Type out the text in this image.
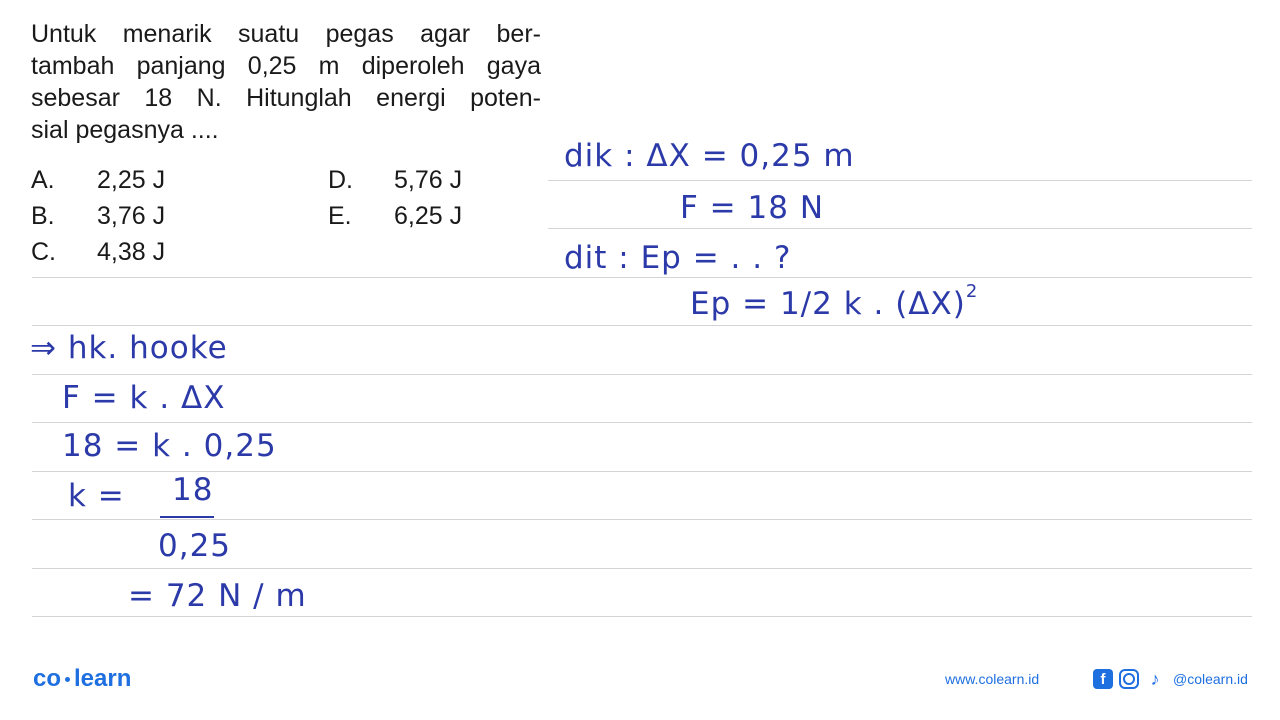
Untuk menarik suatu pegas agar ber-
tambah panjang 0,25 m diperoleh gaya
sebesar 18 N. Hitunglah energi poten-
sial pegasnya ....
A. 2,25 J
B. 3,76 J
C. 4,38 J
D. 5,76 J
E. 6,25 J
dik : ΔX = 0,25 m
F = 18 N
dit : Ep = . . ?
Ep = 1/2 k . $(\Delta X)^2$
⇒ hk. hooke
F = k . ΔX
18 = k . 0,25
k = 18
0,25
= 72 N / m
co learn	www.colearn.id	f	♪ @colearn.id
